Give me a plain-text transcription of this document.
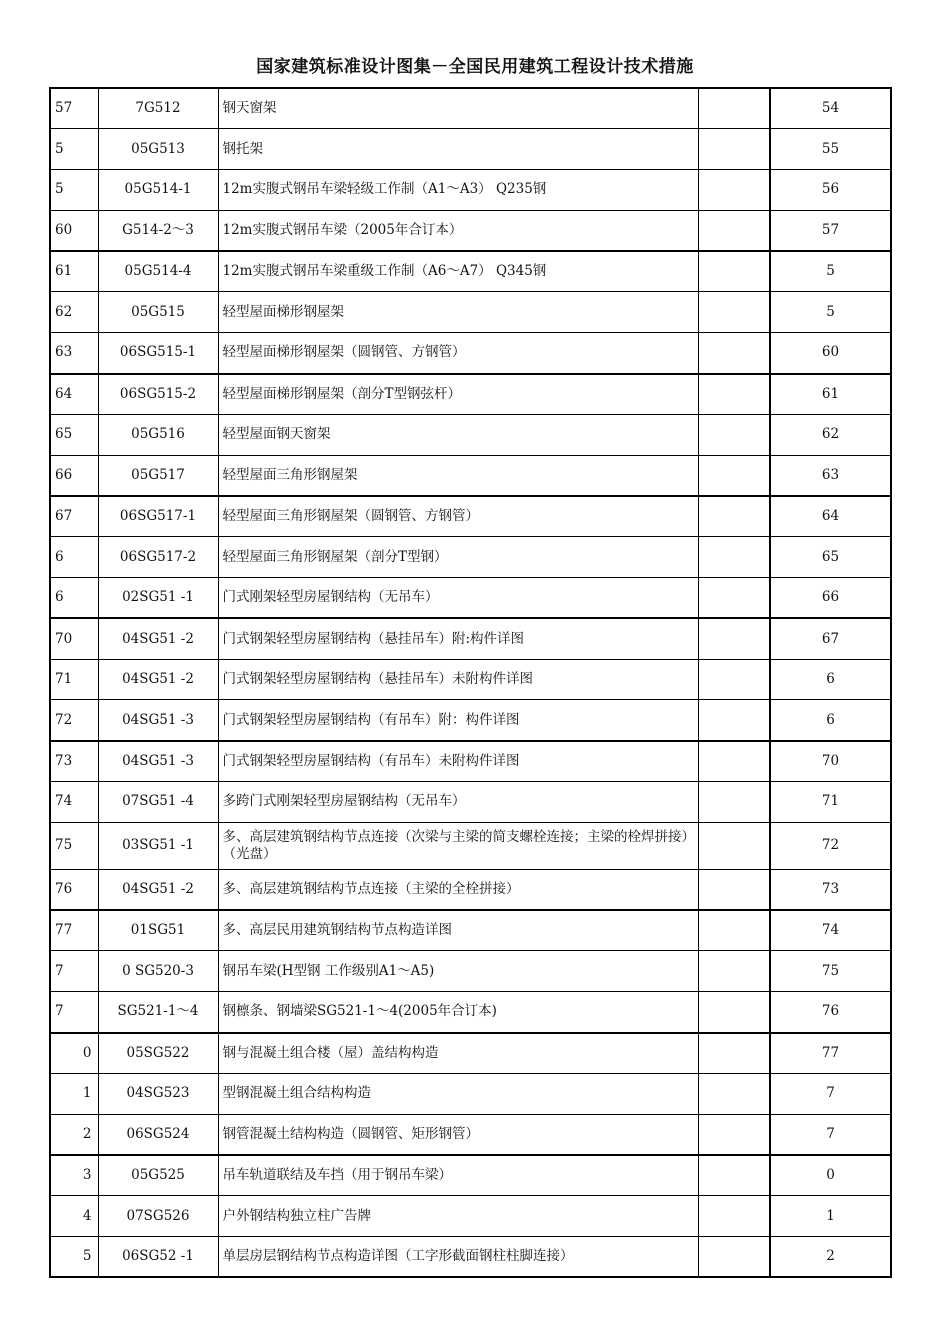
国家建筑标准设计图集－全国民用建筑工程设计技术措施
57	7G512	钢天窗架		54
5	05G513	钢托架		55
5	05G514-1	12m实腹式钢吊车梁轻级工作制（A1～A3） Q235钢		56
60	G514-2～3	12m实腹式钢吊车梁（2005年合订本）		57
61	05G514-4	12m实腹式钢吊车梁重级工作制（A6～A7） Q345钢		5
62	05G515	轻型屋面梯形钢屋架		5
63	06SG515-1	轻型屋面梯形钢屋架（圆钢管、方钢管）		60
64	06SG515-2	轻型屋面梯形钢屋架（剖分T型钢弦杆）		61
65	05G516	轻型屋面钢天窗架		62
66	05G517	轻型屋面三角形钢屋架		63
67	06SG517-1	轻型屋面三角形钢屋架（圆钢管、方钢管）		64
6	06SG517-2	轻型屋面三角形钢屋架（剖分T型钢）		65
6	02SG51 -1	门式刚架轻型房屋钢结构（无吊车）		66
70	04SG51 -2	门式钢架轻型房屋钢结构（悬挂吊车）附:构件详图		67
71	04SG51 -2	门式钢架轻型房屋钢结构（悬挂吊车）未附构件详图		6
72	04SG51 -3	门式钢架轻型房屋钢结构（有吊车）附：构件详图		6
73	04SG51 -3	门式钢架轻型房屋钢结构（有吊车）未附构件详图		70
74	07SG51 -4	多跨门式刚架轻型房屋钢结构（无吊车）		71
75	03SG51 -1	多、高层建筑钢结构节点连接（次梁与主梁的简支螺栓连接；主梁的栓焊拼接）（光盘）		72
76	04SG51 -2	多、高层建筑钢结构节点连接（主梁的全栓拼接）		73
77	01SG51	多、高层民用建筑钢结构节点构造详图		74
7	0 SG520-3	钢吊车梁(H型钢 工作级别A1～A5)		75
7	SG521-1～4	钢檩条、钢墙梁SG521-1～4(2005年合订本)		76
0	05SG522	钢与混凝土组合楼（屋）盖结构构造		77
1	04SG523	型钢混凝土组合结构构造		7
2	06SG524	钢管混凝土结构构造（圆钢管、矩形钢管）		7
3	05G525	吊车轨道联结及车挡（用于钢吊车梁）		0
4	07SG526	户外钢结构独立柱广告牌		1
5	06SG52 -1	单层房层钢结构节点构造详图（工字形截面钢柱柱脚连接）		2
